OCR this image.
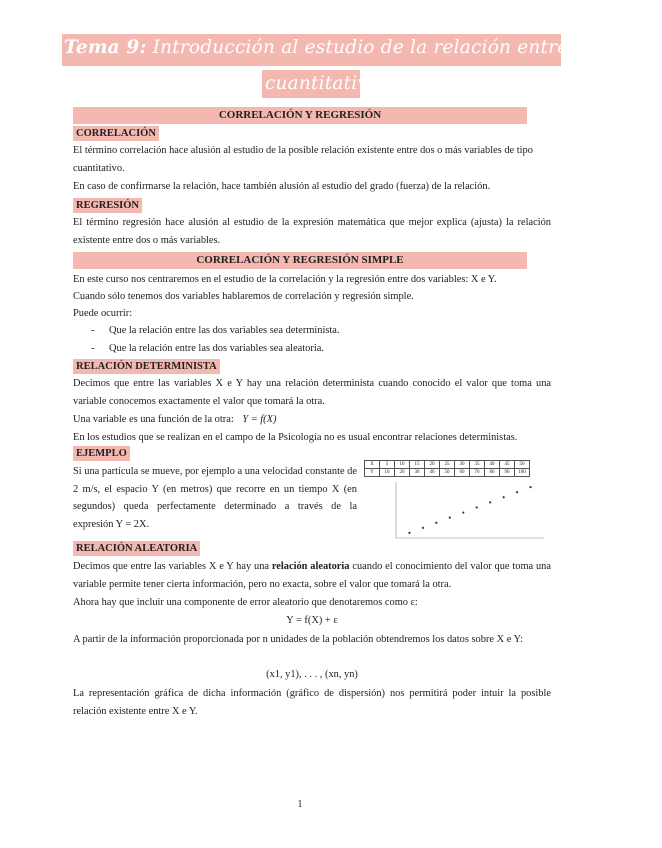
Tema 9: Introducción al estudio de la relación entre variables
cuantitativas
CORRELACIÓN Y REGRESIÓN
CORRELACIÓN
El término correlación hace alusión al estudio de la posible relación existente entre dos o más variables de tipo cuantitativo.
En caso de confirmarse la relación, hace también alusión al estudio del grado (fuerza) de la relación.
REGRESIÓN
El término regresión hace alusión al estudio de la expresión matemática que mejor explica (ajusta) la relación existente entre dos o más variables.
CORRELACIÓN Y REGRESIÓN SIMPLE
En este curso nos centraremos en el estudio de la correlación y la regresión entre dos variables: X e Y.
Cuando sólo tenemos dos variables hablaremos de correlación y regresión simple.
Puede ocurrir:
- Que la relación entre las dos variables sea determinista.
- Que la relación entre las dos variables sea aleatoria.
RELACIÓN DETERMINISTA
Decimos que entre las variables X e Y hay una relación determinista cuando conocido el valor que toma una variable conocemos exactamente el valor que tomará la otra.
Una variable es una función de la otra: Y = f(X)
En los estudios que se realizan en el campo de la Psicología no es usual encontrar relaciones deterministas.
EJEMPLO
Si una partícula se mueve, por ejemplo a una velocidad constante de 2 m/s, el espacio Y (en metros) que recorre en un tiempo X (en segundos) queda perfectamente determinado a través de la expresión Y = 2X.
X	5	10	15	20	25	30	35	40	45	50
Y	10	20	30	40	50	60	70	80	90	100
RELACIÓN ALEATORIA
Decimos que entre las variables X e Y hay una relación aleatoria cuando el conocimiento del valor que toma una variable permite tener cierta información, pero no exacta, sobre el valor que tomará la otra.
Ahora hay que incluir una componente de error aleatorio que denotaremos como ε:
Y = f(X) + ε
A partir de la información proporcionada por n unidades de la población obtendremos los datos sobre X e Y:
(x1, y1), . . . , (xn, yn)
La representación gráfica de dicha información (gráfico de dispersión) nos permitirá poder intuir la posible relación existente entre X e Y.
1
